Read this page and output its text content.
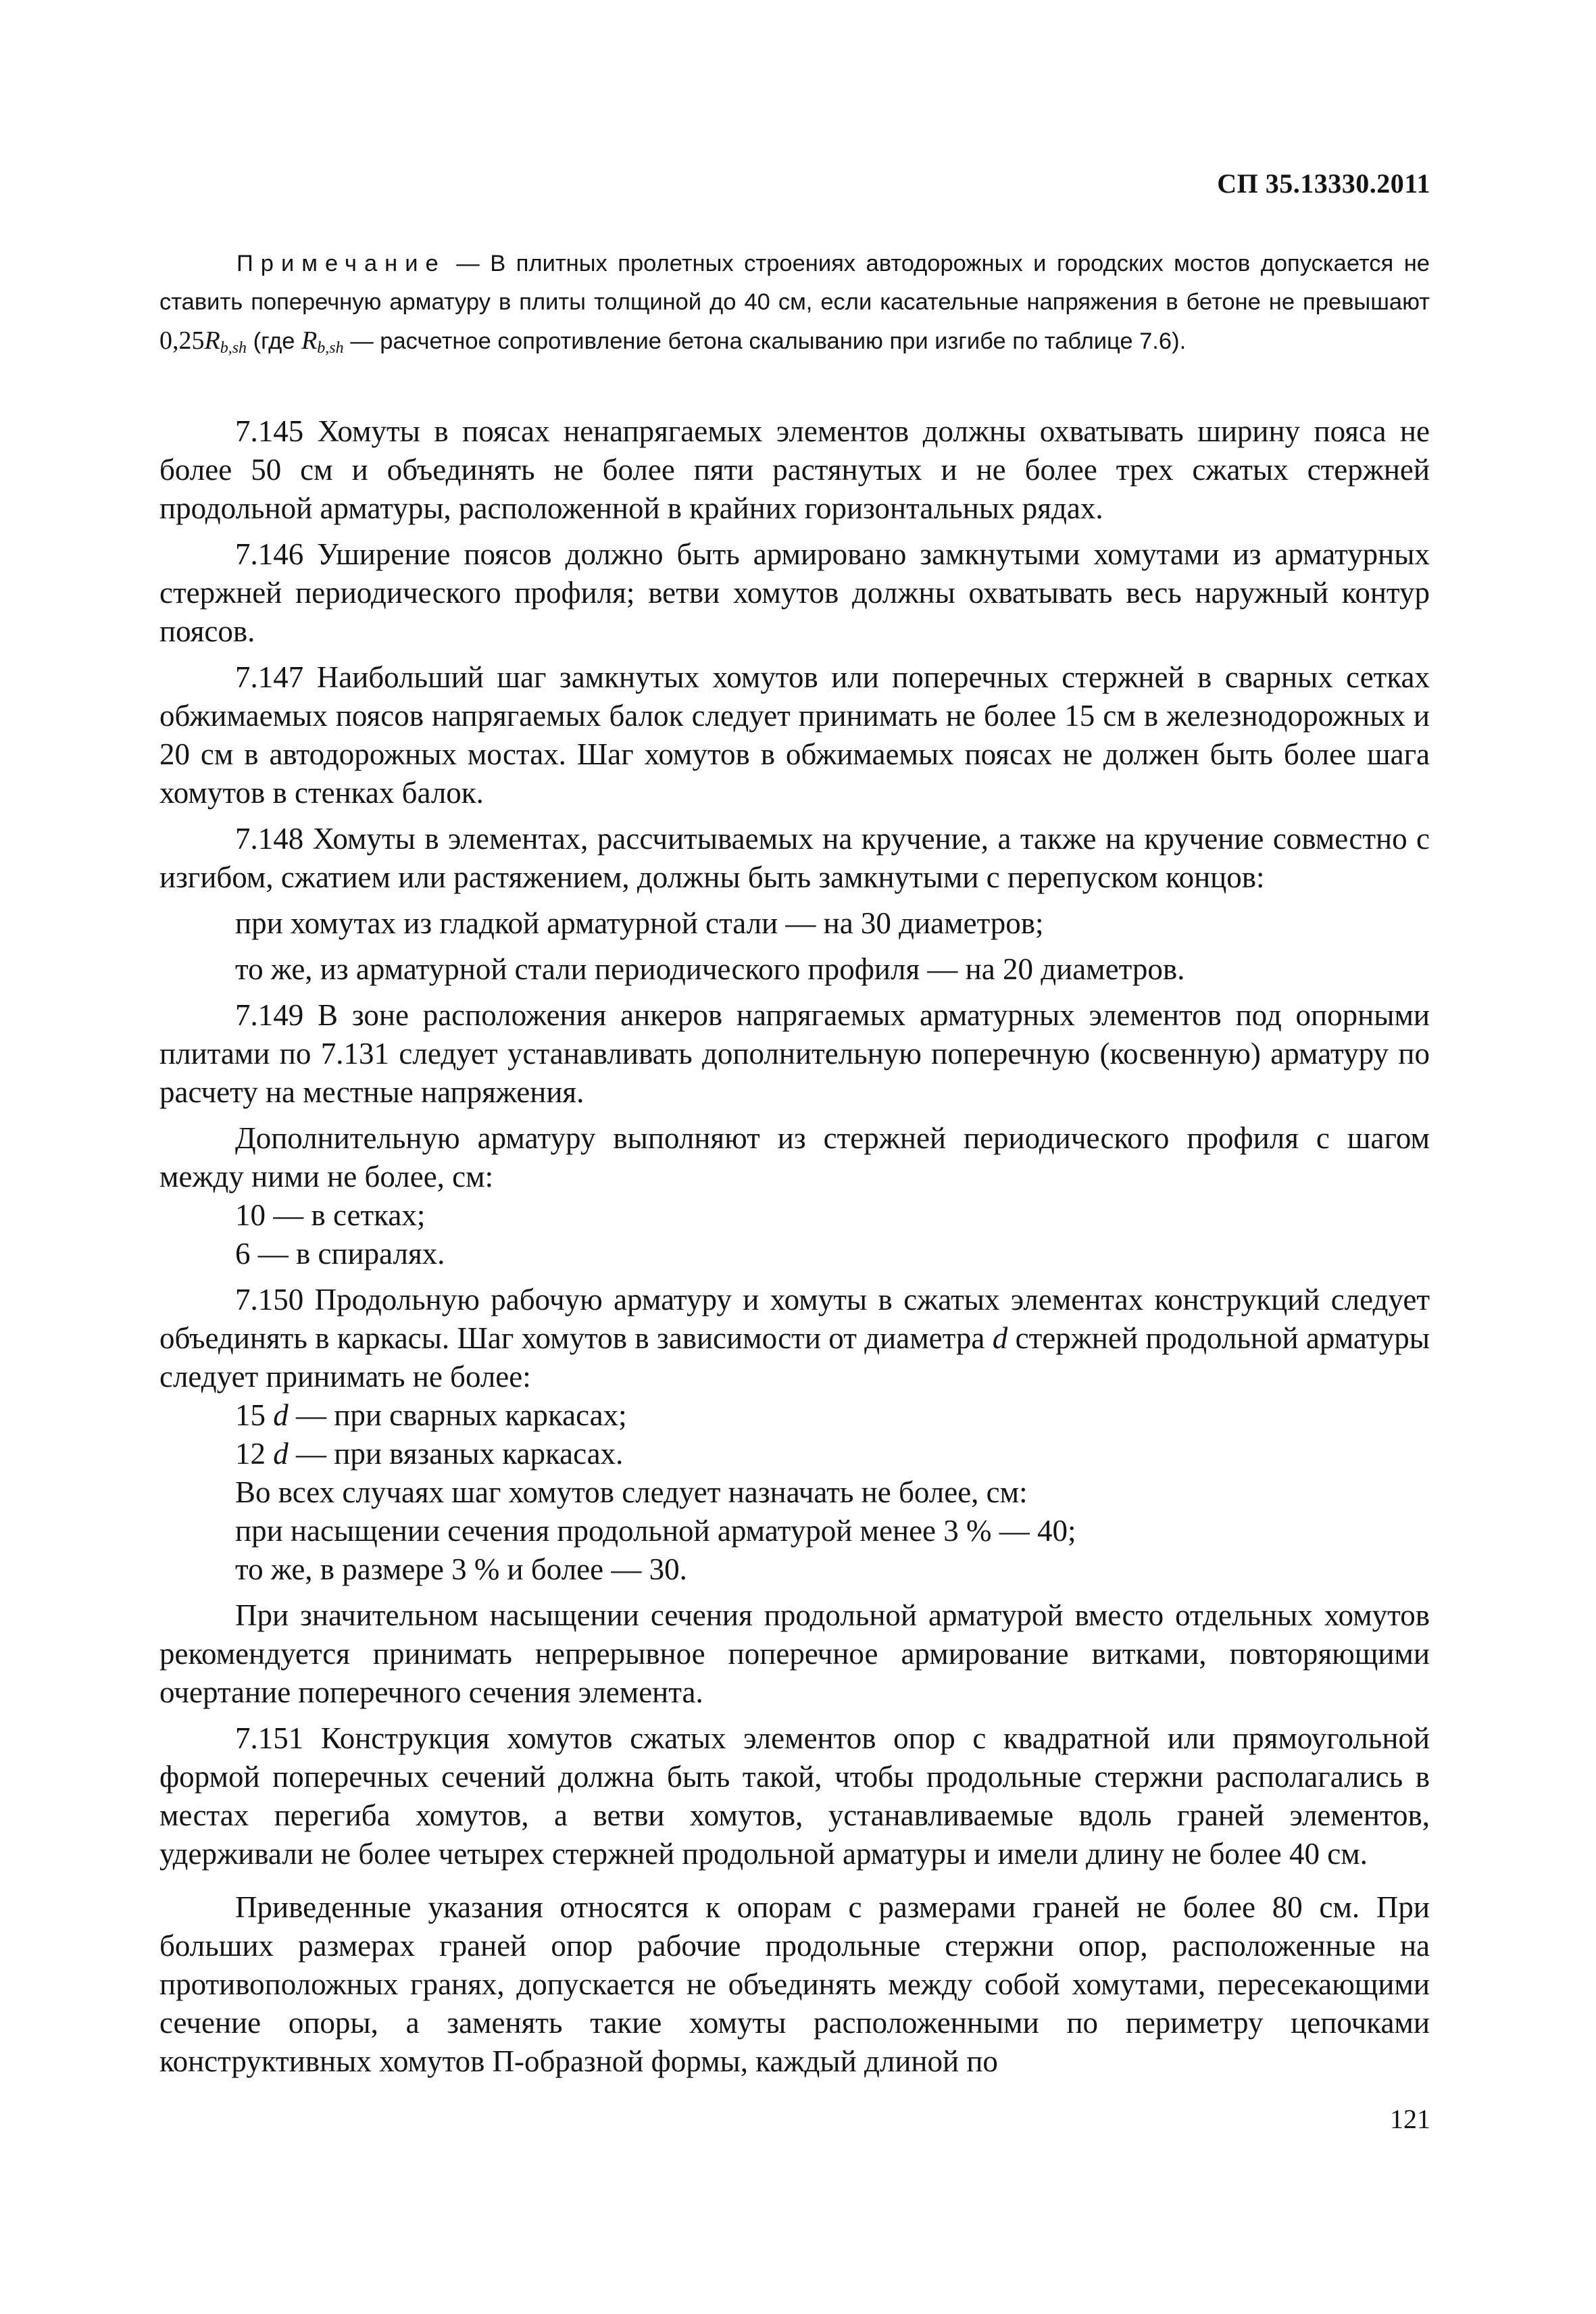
СП 35.13330.2011
Примечание — В плитных пролетных строениях автодорожных и городских мостов допускается не ставить поперечную арматуру в плиты толщиной до 40 см, если касательные напряжения в бетоне не превышают $0,25R_{b,sh}$ (где $R_{b,sh}$ — расчетное сопротивление бетона скалыванию при изгибе по таблице 7.6).

7.145 Хомуты в поясах ненапрягаемых элементов должны охватывать ширину пояса не более 50 см и объединять не более пяти растянутых и не более трех сжатых стержней продольной арматуры, расположенной в крайних горизонтальных рядах.

7.146 Уширение поясов должно быть армировано замкнутыми хомутами из арматурных стержней периодического профиля; ветви хомутов должны охватывать весь наружный контур поясов.

7.147 Наибольший шаг замкнутых хомутов или поперечных стержней в сварных сетках обжимаемых поясов напрягаемых балок следует принимать не более 15 см в железнодорожных и 20 см в автодорожных мостах. Шаг хомутов в обжимаемых поясах не должен быть более шага хомутов в стенках балок.

7.148 Хомуты в элементах, рассчитываемых на кручение, а также на кручение совместно с изгибом, сжатием или растяжением, должны быть замкнутыми с перепуском концов:

при хомутах из гладкой арматурной стали — на 30 диаметров;

то же, из арматурной стали периодического профиля — на 20 диаметров.

7.149 В зоне расположения анкеров напрягаемых арматурных элементов под опорными плитами по 7.131 следует устанавливать дополнительную поперечную (косвенную) арматуру по расчету на местные напряжения.

Дополнительную арматуру выполняют из стержней периодического профиля с шагом между ними не более, см:

10 — в сетках;

6 — в спиралях.

7.150 Продольную рабочую арматуру и хомуты в сжатых элементах конструкций следует объединять в каркасы. Шаг хомутов в зависимости от диаметра d стержней продольной арматуры следует принимать не более:

15 d — при сварных каркасах;

12 d — при вязаных каркасах.

Во всех случаях шаг хомутов следует назначать не более, см:

при насыщении сечения продольной арматурой менее 3 % — 40;

то же, в размере 3 % и более — 30.

При значительном насыщении сечения продольной арматурой вместо отдельных хомутов рекомендуется принимать непрерывное поперечное армирование витками, повторяющими очертание поперечного сечения элемента.

7.151 Конструкция хомутов сжатых элементов опор с квадратной или прямоугольной формой поперечных сечений должна быть такой, чтобы продольные стержни располагались в местах перегиба хомутов, а ветви хомутов, устанавливаемые вдоль граней элементов, удерживали не более четырех стержней продольной арматуры и имели длину не более 40 см.

Приведенные указания относятся к опорам с размерами граней не более 80 см. При больших размерах граней опор рабочие продольные стержни опор, расположенные на противоположных гранях, допускается не объединять между собой хомутами, пересекающими сечение опоры, а заменять такие хомуты расположенными по периметру цепочками конструктивных хомутов П-образной формы, каждый длиной по

121
